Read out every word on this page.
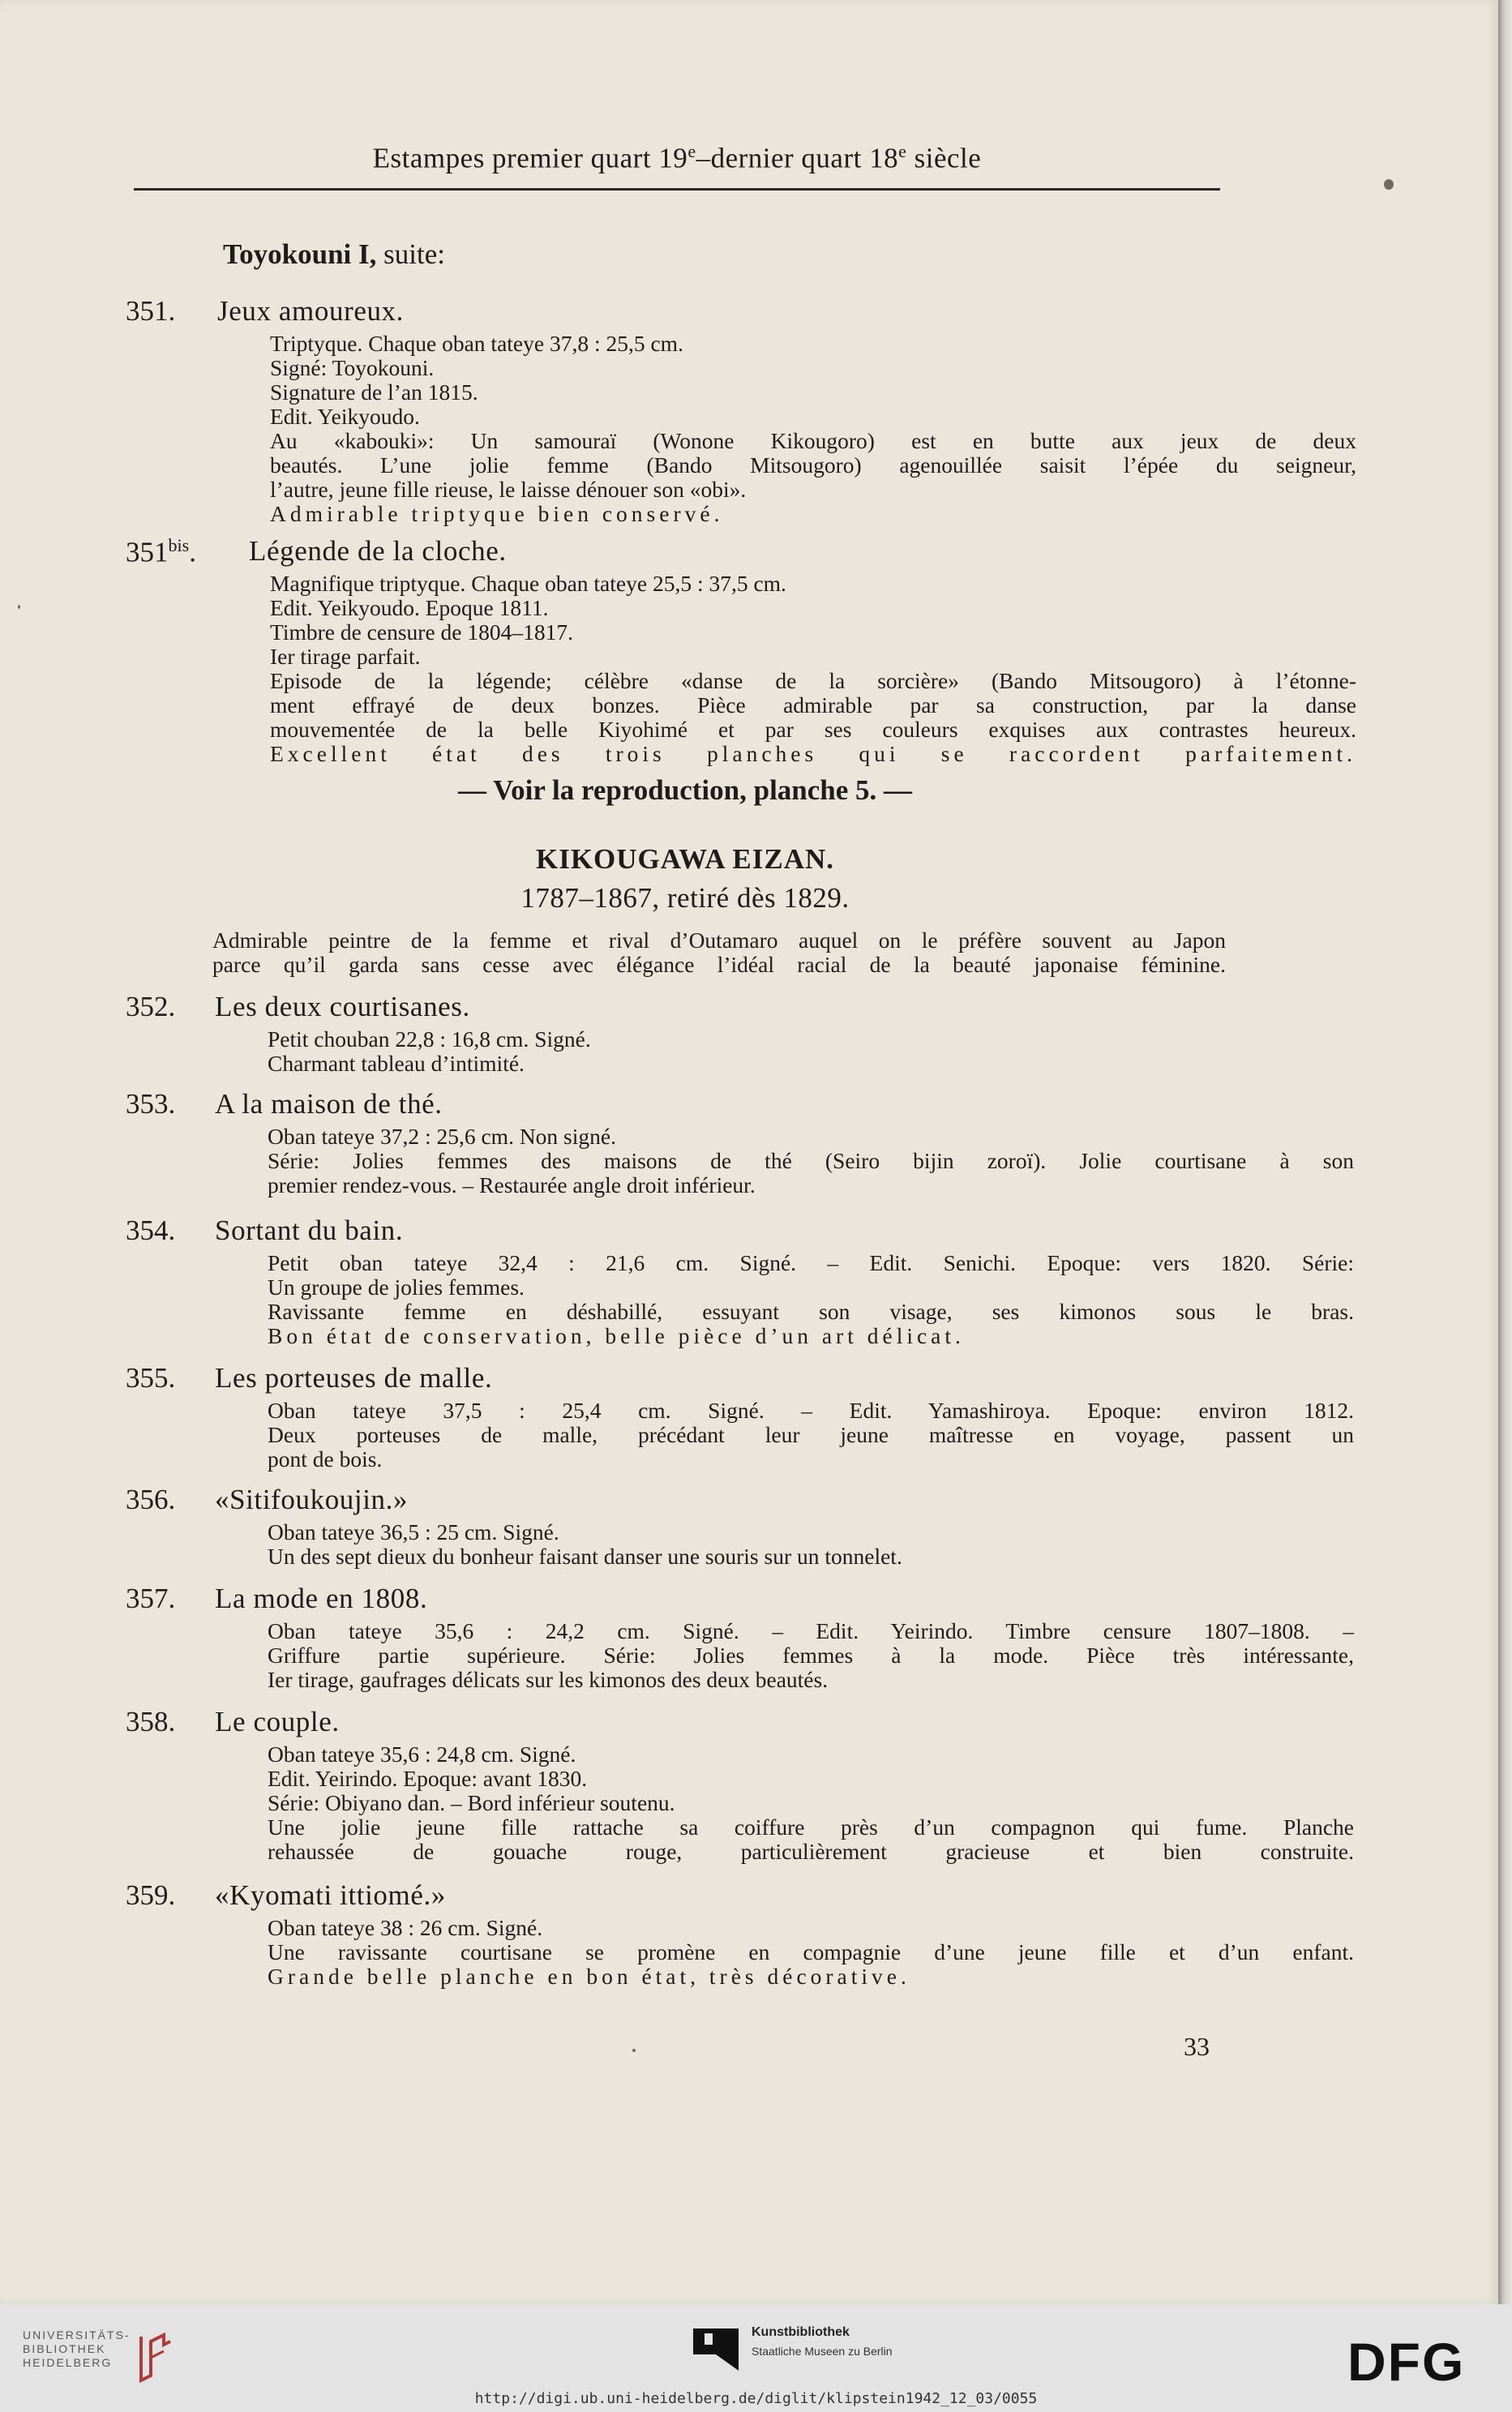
Estampes premier quart 19e–dernier quart 18e siècle
Toyokouni I, suite:
351. Jeux amoureux.
Triptyque. Chaque oban tateye 37,8 : 25,5 cm.
Signé: Toyokouni.
Signature de l’an 1815.
Edit. Yeikyoudo.
Au «kabouki»: Un samouraï (Wonone Kikougoro) est en butte aux jeux de deux
beautés. L’une jolie femme (Bando Mitsougoro) agenouillée saisit l’épée du seigneur,
l’autre, jeune fille rieuse, le laisse dénouer son «obi».
Admirable triptyque bien conservé.
$351^{bis}$. Légende de la cloche.
Magnifique triptyque. Chaque oban tateye 25,5 : 37,5 cm.
Edit. Yeikyoudo. Epoque 1811.
Timbre de censure de 1804–1817.
Ier tirage parfait.
Episode de la légende; célèbre «danse de la sorcière» (Bando Mitsougoro) à l’étonne-
ment effrayé de deux bonzes. Pièce admirable par sa construction, par la danse
mouvementée de la belle Kiyohimé et par ses couleurs exquises aux contrastes heureux.
Excellent état des trois planches qui se raccordent parfaitement.
— Voir la reproduction, planche 5. —
KIKOUGAWA EIZAN.
1787–1867, retiré dès 1829.
Admirable peintre de la femme et rival d’Outamaro auquel on le préfère souvent au Japon
parce qu’il garda sans cesse avec élégance l’idéal racial de la beauté japonaise féminine.
352. Les deux courtisanes.
Petit chouban 22,8 : 16,8 cm. Signé.
Charmant tableau d’intimité.
353. A la maison de thé.
Oban tateye 37,2 : 25,6 cm. Non signé.
Série: Jolies femmes des maisons de thé (Seiro bijin zoroï). Jolie courtisane à son
premier rendez-vous. – Restaurée angle droit inférieur.
354. Sortant du bain.
Petit oban tateye 32,4 : 21,6 cm. Signé. – Edit. Senichi. Epoque: vers 1820. Série:
Un groupe de jolies femmes.
Ravissante femme en déshabillé, essuyant son visage, ses kimonos sous le bras.
Bon état de conservation, belle pièce d’un art délicat.
355. Les porteuses de malle.
Oban tateye 37,5 : 25,4 cm. Signé. – Edit. Yamashiroya. Epoque: environ 1812.
Deux porteuses de malle, précédant leur jeune maîtresse en voyage, passent un
pont de bois.
356. «Sitifoukoujin.»
Oban tateye 36,5 : 25 cm. Signé.
Un des sept dieux du bonheur faisant danser une souris sur un tonnelet.
357. La mode en 1808.
Oban tateye 35,6 : 24,2 cm. Signé. – Edit. Yeirindo. Timbre censure 1807–1808. –
Griffure partie supérieure. Série: Jolies femmes à la mode. Pièce très intéressante,
Ier tirage, gaufrages délicats sur les kimonos des deux beautés.
358. Le couple.
Oban tateye 35,6 : 24,8 cm. Signé.
Edit. Yeirindo. Epoque: avant 1830.
Série: Obiyano dan. – Bord inférieur soutenu.
Une jolie jeune fille rattache sa coiffure près d’un compagnon qui fume. Planche
rehaussée de gouache rouge, particulièrement gracieuse et bien construite.
359. «Kyomati ittiomé.»
Oban tateye 38 : 26 cm. Signé.
Une ravissante courtisane se promène en compagnie d’une jeune fille et d’un enfant.
Grande belle planche en bon état, très décorative.
33
UNIVERSITÄTS-
BIBLIOTHEK
HEIDELBERG
Kunstbibliothek
Staatliche Museen zu Berlin	DFG
http://digi.ub.uni-heidelberg.de/diglit/klipstein1942_12_03/0055
